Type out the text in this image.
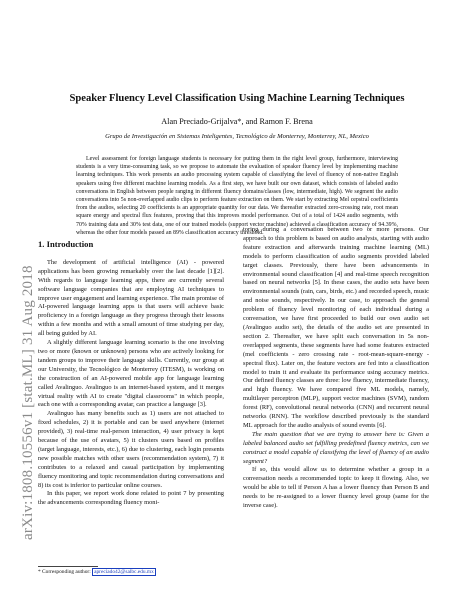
arXiv:1808.10556v1 [stat.ML] 31 Aug 2018
Speaker Fluency Level Classification Using Machine Learning Techniques
Alan Preciado-Grijalva*, and Ramon F. Brena
Grupo de Investigación en Sistemas Inteligentes, Tecnológico de Monterrey, Monterrey, NL, Mexico

Level assessment for foreign language students is necessary for putting them in the right level group, furthermore, interviewing students is a very time-consuming task, so we propose to automate the evaluation of speaker fluency level by implementing machine learning techniques. This work presents an audio processing system capable of classifying the level of fluency of non-native English speakers using five different machine learning models. As a first step, we have built our own dataset, which consists of labeled audio conversations in English between people ranging in different fluency domains/classes (low, intermediate, high). We segment the audio conversations into 5s non-overlapped audio clips to perform feature extraction on them. We start by extracting Mel cepstral coefficients from the audios, selecting 20 coefficients is an appropriate quantity for our data. We thereafter extracted zero-crossing rate, root mean square energy and spectral flux features, proving that this improves model performance. Out of a total of 1424 audio segments, with 70% training data and 30% test data, one of our trained models (support vector machine) achieved a classification accuracy of 94.39%, whereas the other four models passed an 89% classification accuracy threshold.

1. Introduction

The development of artificial intelligence (AI) - powered applications has been growing remarkably over the last decade [1][2]. With regards to language learning apps, there are currently several software language companies that are employing AI techniques to improve user engagement and learning experience. The main promise of AI-powered language learning apps is that users will achieve basic proficiency in a foreign language as they progress through their lessons within a few months and with a small amount of time studying per day, all being guided by AI.

A slightly different language learning scenario is the one involving two or more (known or unknown) persons who are actively looking for tandem groups to improve their language skills. Currently, our group at our University, the Tecnológico de Monterrey (ITESM), is working on the construction of an AI-powered mobile app for language learning called Avalinguo. Avalinguo is an internet-based system, and it merges virtual reality with AI to create "digital classrooms" in which people, each one with a corresponding avatar, can practice a language [3].

Avalinguo has many benefits such as 1) users are not attached to fixed schedules, 2) it is portable and can be used anywhere (internet provided), 3) real-time real-person interaction, 4) user privacy is kept because of the use of avatars, 5) it clusters users based on profiles (target language, interests, etc.), 6) due to clustering, each login presents new possible matches with other users (recommendation system), 7) it contributes to a relaxed and casual participation by implementing fluency monitoring and topic recommendation during conversations and 8) its cost is inferior to particular online courses.

In this paper, we report work done related to point 7 by presenting the advancements corresponding fluency moni-

toring during a conversation between two or more persons. Our approach to this problem is based on audio analysis, starting with audio feature extraction and afterwards training machine learning (ML) models to perform classification of audio segments provided labeled target classes. Previously, there have been advancements in environmental sound classification [4] and real-time speech recognition based on neural networks [5]. In these cases, the audio sets have been environmental sounds (rain, cars, birds, etc.) and recorded speech, music and noise sounds, respectively. In our case, to approach the general problem of fluency level monitoring of each individual during a conversation, we have first proceeded to build our own audio set (Avalinguo audio set), the details of the audio set are presented in section 2. Thereafter, we have split each conversation in 5s non-overlapped segments, these segments have had some features extracted (mel coefficients - zero crossing rate - root-mean-square-energy - spectral flux). Later on, the feature vectors are fed into a classification model to train it and evaluate its performance using accuracy metrics. Our defined fluency classes are three: low fluency, intermediate fluency, and high fluency. We have compared five ML models, namely, multilayer perceptron (MLP), support vector machines (SVM), random forest (RF), convolutional neural networks (CNN) and recurrent neural networks (RNN). The workflow described previously is the standard ML approach for the audio analysis of sound events [6].

The main question that we are trying to answer here is: Given a labeled balanced audio set fulfilling predefined fluency metrics, can we construct a model capable of classifying the level of fluency of an audio segment?

If so, this would allow us to determine whether a group in a conversation needs a recommended topic to keep it flowing. Also, we would be able to tell if Person A has a lower fluency than Person B and needs to be re-assigned to a lower fluency level group (same for the inverse case).

* Corresponding author: apreciado42@salbc.edu.mx
